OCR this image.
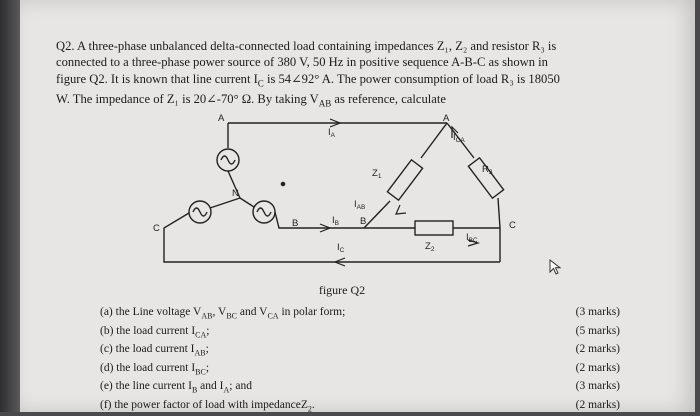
Q2. A three-phase unbalanced delta-connected load containing impedances Z₁, Z₂ and resistor R₃ is
connected to a three-phase power source of 380 V, 50 Hz in positive sequence A-B-C as shown in
figure Q2. It is known that line current $I_C$ is 54∠92° A. The power consumption of load R₃ is 18050
W. The impedance of Z₁ is 20∠-70° Ω. By taking $V_{AB}$ as reference, calculate
A	A
N
B	B
C	C
$I_A$
$I_B$
$I_C$
$I_{AB}$
$I_{CA}$
$I_{BC}$
$Z_1$
$Z_2$
$R_3$
figure Q2
(a) the Line voltage $V_{AB}$, $V_{BC}$ and $V_{CA}$ in polar form;	(3 marks)
(b) the load current $I_{CA}$;	(5 marks)
(c) the load current $I_{AB}$;	(2 marks)
(d) the load current $I_{BC}$;	(2 marks)
(e) the line current $I_B$ and $I_A$; and	(3 marks)
(f) the power factor of load with impedanceZ$_2$.	(2 marks)
